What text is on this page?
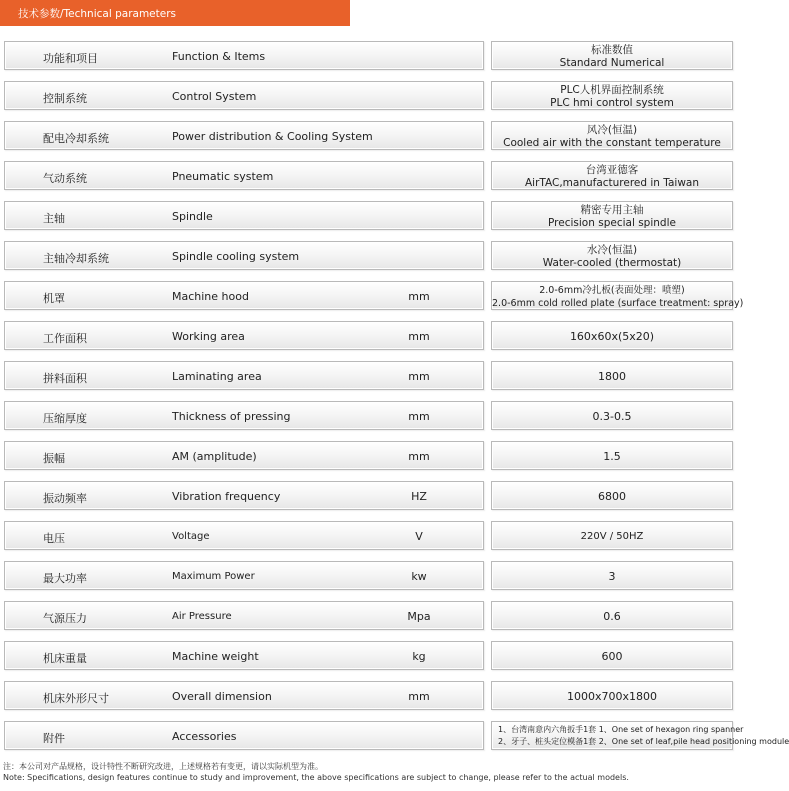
技术参数/Technical parameters
功能和项目	Function & Items	标准数值
Standard Numerical
控制系统	Control System	PLC人机界面控制系统
PLC hmi control system
配电冷却系统	Power distribution & Cooling System	风冷(恒温)
Cooled air with the constant temperature
气动系统	Pneumatic system	台湾亚德客
AirTAC,manufacturered in Taiwan
主轴	Spindle	精密专用主轴
Precision special spindle
主轴冷却系统	Spindle cooling system	水冷(恒温)
Water-cooled (thermostat)
机罩	Machine hood	mm	2.0-6mm冷扎板(表面处理：喷塑)
2.0-6mm cold rolled plate (surface treatment: spray)
工作面积	Working area	mm	160x60x(5x20)
拼料面积	Laminating area	mm	1800
压缩厚度	Thickness of pressing	mm	0.3-0.5
振幅	AM (amplitude)	mm	1.5
振动频率	Vibration frequency	HZ	6800
电压	Voltage	V	220V / 50HZ
最大功率	Maximum Power	kw	3
气源压力	Air Pressure	Mpa	0.6
机床重量	Machine weight	kg	600
机床外形尺寸	Overall dimension	mm	1000x700x1800
附件	Accessories
1、台湾南意内六角扳手1套 1、One set of hexagon ring spanner
2、牙子、桩头定位模备1套 2、One set of leaf,pile head positioning module
注：本公司对产品规格，设计特性不断研究改进，上述规格若有变更，请以实际机型为准。
Note: Specifications, design features continue to study and improvement, the above specifications are subject to change, please refer to the actual models.
